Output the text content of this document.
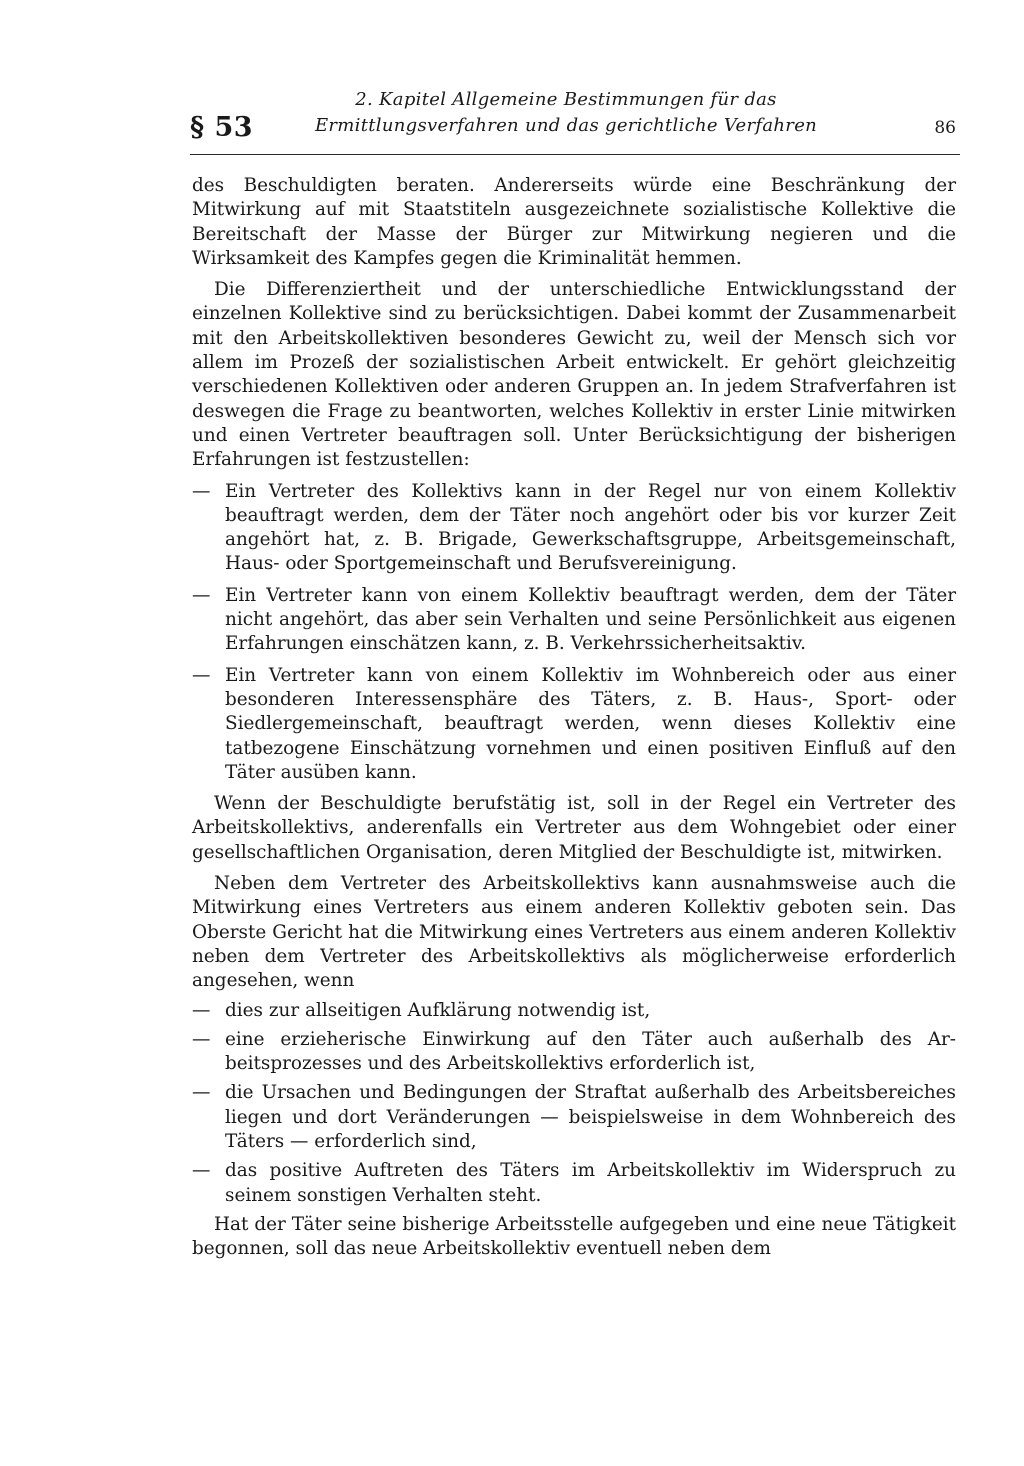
§ 53
2. Kapitel Allgemeine Bestimmungen für das
Ermittlungsverfahren und das gerichtliche Verfahren	86

des Beschuldigten beraten. Andererseits würde eine Beschränkung der Mitwirkung auf mit Staatstiteln ausgezeichnete sozialistische Kollektive die Bereitschaft der Masse der Bürger zur Mitwirkung negieren und die Wirksamkeit des Kampfes gegen die Kriminalität hemmen.

Die Differenziertheit und der unterschiedliche Entwicklungsstand der einzelnen Kollektive sind zu berücksichtigen. Dabei kommt der Zusammenarbeit mit den Arbeitskollektiven besonderes Gewicht zu, weil der Mensch sich vor allem im Prozeß der sozialistischen Arbeit entwickelt. Er gehört gleichzeitig verschiedenen Kollektiven oder anderen Gruppen an. In jedem Strafverfahren ist deswegen die Frage zu beantworten, welches Kollektiv in erster Linie mitwirken und einen Vertreter beauftragen soll. Unter Berücksichtigung der bisherigen Erfahrungen ist festzustellen:

— Ein Vertreter des Kollektivs kann in der Regel nur von einem Kollektiv beauftragt werden, dem der Täter noch angehört oder bis vor kurzer Zeit angehört hat, z. B. Brigade, Gewerkschaftsgruppe, Arbeitsgemeinschaft, Haus- oder Sportgemeinschaft und Berufsvereinigung.
— Ein Vertreter kann von einem Kollektiv beauftragt werden, dem der Täter nicht angehört, das aber sein Verhalten und seine Persönlichkeit aus eigenen Erfahrungen einschätzen kann, z. B. Verkehrssicherheitsaktiv.
— Ein Vertreter kann von einem Kollektiv im Wohnbereich oder aus einer besonderen Interessensphäre des Täters, z. B. Haus-, Sport- oder Siedlergemeinschaft, beauftragt werden, wenn dieses Kollektiv eine tatbezogene Einschätzung vornehmen und einen positiven Einfluß auf den Täter ausüben kann.

Wenn der Beschuldigte berufstätig ist, soll in der Regel ein Vertreter des Arbeitskollektivs, anderenfalls ein Vertreter aus dem Wohngebiet oder einer gesellschaftlichen Organisation, deren Mitglied der Beschuldigte ist, mitwirken.

Neben dem Vertreter des Arbeitskollektivs kann ausnahmsweise auch die Mitwirkung eines Vertreters aus einem anderen Kollektiv geboten sein. Das Oberste Gericht hat die Mitwirkung eines Vertreters aus einem anderen Kollektiv neben dem Vertreter des Arbeitskollektivs als möglicherweise erforderlich angesehen, wenn

— dies zur allseitigen Aufklärung notwendig ist,
— eine erzieherische Einwirkung auf den Täter auch außerhalb des Arbeitsprozesses und des Arbeitskollektivs erforderlich ist,
— die Ursachen und Bedingungen der Straftat außerhalb des Arbeitsbereiches liegen und dort Veränderungen — beispielsweise in dem Wohnbereich des Täters — erforderlich sind,
— das positive Auftreten des Täters im Arbeitskollektiv im Widerspruch zu seinem sonstigen Verhalten steht.

Hat der Täter seine bisherige Arbeitsstelle aufgegeben und eine neue Tätigkeit begonnen, soll das neue Arbeitskollektiv eventuell neben dem
